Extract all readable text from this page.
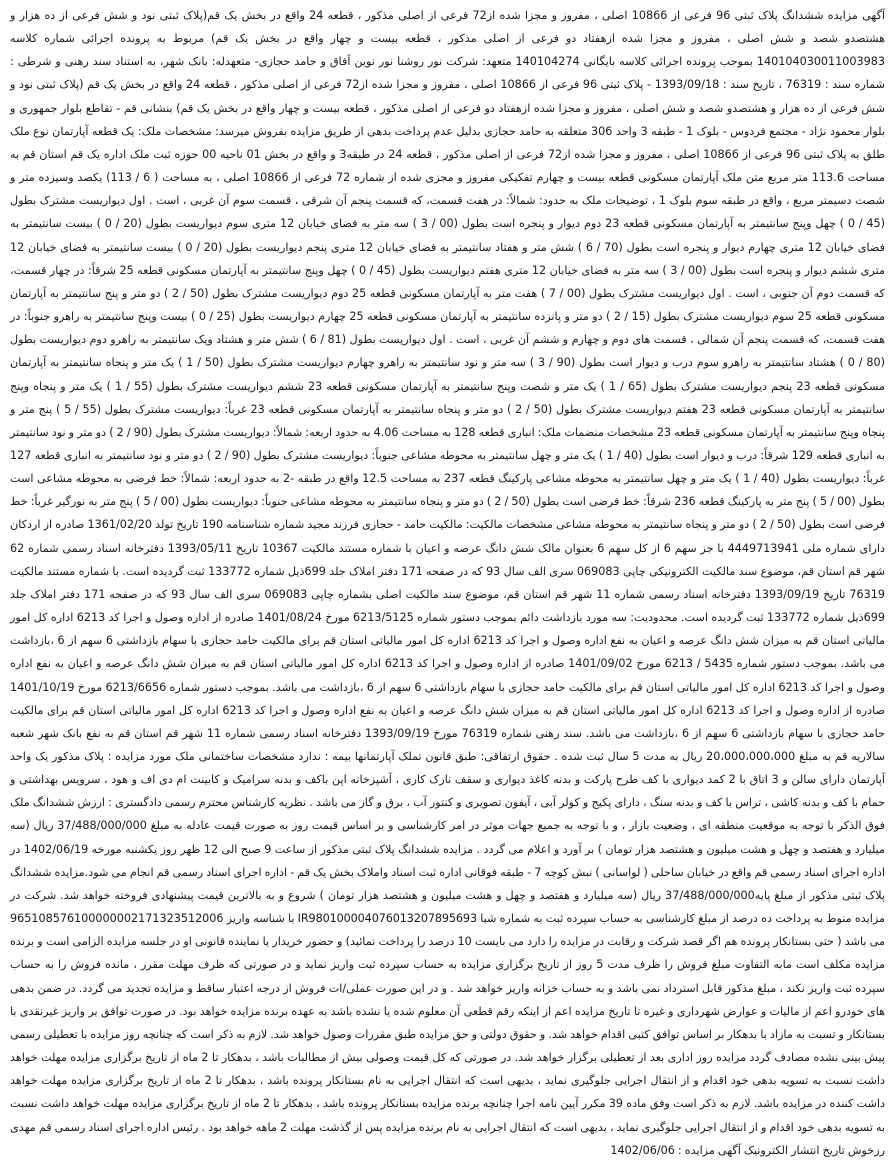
آگهی مزایده ششدانگ پلاک ثبتی 96 فرعی از 10866 اصلی ، مفروز و مجزا شده از72 فرعی از اصلی مذکور ، قطعه 24 واقع در بخش یک قم(پلاک ثبتی نود و شش فرعی از ده هزار و هشتصدو شصد و شش اصلی ، مفروز و مجزا شده ازهفتاد دو فرعی از اصلی مذکور ، قطعه بیست و چهار واقع در بخش یک قم) مربوط به پرونده اجرائی شماره کلاسه 140104030011003983 بموجب پرونده اجرائی کلاسه بایگانی 140104274 متعهد: شرکت نور روشنا نور نوین آفاق و حامد حجازی- متعهدله: بانک شهر، به استناد سند رهنی و شرطی : شماره سند : 76319 ، تاریخ سند : 1393/09/18 - پلاک ثبتی 96 فرعی از 10866 اصلی ، مفروز و مجزا شده از72 فرعی از اصلی مذکور ، قطعه 24 واقع در بخش یک قم (پلاک ثبتی نود و شش فرعی از ده هزار و هشتصدو شصد و شش اصلی ، مفروز و مجزا شده ازهفتاد دو فرعی از اصلی مذکور ، قطعه بیست و چهار واقع در بخش یک قم) بنشانی قم - تقاطع بلوار جمهوری و بلوار محمود نژاد - مجتمع فردوس - بلوک 1 - طبقه 3 واحد 306 متعلقه به حامد حجازی بدلیل عدم پرداخت بدهی از طریق مزایده بفروش میرسد: مشخصات ملک: یک قطعه آپارتمان نوع ملک طلق به پلاک ثبتی 96 فرعی از 10866 اصلی ، مفروز و مجزا شده از72 فرعی از اصلی مذکور ، قطعه 24 در طبقه3 و واقع در بخش 01 ناحیه 00 حوزه ثبت ملک اداره یک قم استان قم به مساحت 113.6 متر مربع متن ملک آپارتمان مسکونی قطعه بیست و چهارم تفکیکی مفروز و مجزی شده از شماره 72 فرعی از 10866 اصلی ، به مساحت ( 6 / 113) یکصد وسیزده متر و شصت دسیمتر مربع ، واقع در طبقه سوم بلوک 1 ، توضیحات ملک به حدود: شمالاً: در هفت قسمت، که قسمت پنجم آن شرقی ، قسمت سوم آن غربی ، است . اول دیواریست مشترک بطول (45 / 0 ) چهل وپنج سانتیمتر به آپارتمان مسکونی قطعه 23 دوم دیوار و پنجره است بطول (00 / 3 ) سه متر به فضای خیابان 12 متری سوم دیواریست بطول (20 / 0 ) بیست سانتیمتر به فضای خیابان 12 متری چهارم دیوار و پنجره است بطول (70 / 6 ) شش متر و هفتاد سانتیمتر به فضای خیابان 12 متری پنجم دیواریست بطول (20 / 0 ) بیست سانتیمتر به فضای خیابان 12 متری ششم دیوار و پنجره است بطول (00 / 3 ) سه متر به فضای خیابان 12 متری هفتم دیواریست بطول (45 / 0 ) چهل وپنج سانتیمتر به آپارتمان مسکونی قطعه 25 شرقاً: در چهار قسمت، که قسمت دوم آن جنوبی ، است . اول دیواریست مشترک بطول (00 / 7 ) هفت متر به آپارتمان مسکونی قطعه 25 دوم دیواریست مشترک بطول (50 / 2 ) دو متر و پنج سانتیمتر به آپارتمان مسکونی قطعه 25 سوم دیواریست مشترک بطول (15 / 2 ) دو متر و پانزده سانتیمتر به آپارتمان مسکونی قطعه 25 چهارم دیواریست بطول (25 / 0 ) بیست وپنج سانتیمتر به راهرو جنوباً: در هفت قسمت، که قسمت پنجم آن شمالی ، قسمت های دوم و چهارم و ششم آن غربی ، است . اول دیواریست بطول (81 / 6 ) شش متر و هشتاد ویک سانتیمتر به راهرو دوم دیواریست بطول (80 / 0 ) هشتاد سانتیمتر به راهرو سوم درب و دیوار است بطول (90 / 3 ) سه متر و نود سانتیمتر به راهرو چهارم دیواریست مشترک بطول (50 / 1 ) یک متر و پنجاه سانتیمتر به آپارتمان مسکونی قطعه 23 پنجم دیواریست مشترک بطول (65 / 1 ) یک متر و شصت وپنج سانتیمتر به آپارتمان مسکونی قطعه 23 ششم دیواریست مشترک بطول (55 / 1 ) یک متر و پنجاه وپنج سانتیمتر به آپارتمان مسکونی قطعه 23 هفتم دیواریست مشترک بطول (50 / 2 ) دو متر و پنجاه سانتیمتر به آپارتمان مسکونی قطعه 23 غرباً: دیواریست مشترک بطول (55 / 5 ) پنج متر و پنجاه وپنج سانتیمتر به آپارتمان مسکونی قطعه 23 مشخصات منضمات ملک: انباری قطعه 128 به مساحت 4.06 به حدود اربعه: شمالاً: دیواریست مشترک بطول (90 / 2 ) دو متر و نود سانتیمتر به انباری قطعه 129 شرقاً: درب و دیوار است بطول (40 / 1 ) یک متر و چهل سانتیمتر به محوطه مشاعی جنوباً: دیواریست مشترک بطول (90 / 2 ) دو متر و نود سانتیمتر به انباری قطعه 127 غرباً: دیواریست بطول (40 / 1 ) یک متر و چهل سانتیمتر به محوطه مشاعی پارکینگ قطعه 237 به مساحت 12.5 واقع در طبقه -2 به حدود اربعه: شمالاً: خط فرضی به محوطه مشاعی است بطول (00 / 5 ) پنج متر به پارکینگ قطعه 236 شرقاً: خط فرضی است بطول (50 / 2 ) دو متر و پنجاه سانتیمتر به محوطه مشاعی جنوباً: دیواریست بطول (00 / 5 ) پنج متر به نورگیر غرباً: خط فرضی است بطول (50 / 2 ) دو متر و پنجاه سانتیمتر به محوطه مشاعی مشخصات مالکیت: مالکیت حامد - حجازی فرزند مجید شماره شناسنامه 190 تاریخ تولد 1361/02/20 صادره از اردکان دارای شماره ملی 4449713941 با جز سهم 6 از کل سهم 6 بعنوان مالک شش دانگ عرصه و اعیان با شماره مستند مالکیت 10367 تاریخ 1393/05/11 دفترخانه اسناد رسمی شماره 62 شهر قم استان قم، موضوع سند مالکیت الکترونیکی چاپی 069083 سری الف سال 93 که در صفحه 171 دفتر املاک جلد 699ذیل شماره 133772 ثبت گردیده است. با شماره مستند مالکیت 76319 تاریخ 1393/09/19 دفترخانه اسناد رسمی شماره 11 شهر قم استان قم، موضوع سند مالکیت اصلی بشماره چاپی 069083 سری الف سال 93 که در صفحه 171 دفتر املاک جلد 699ذیل شماره 133772 ثبت گردیده است. محدودیت: سه مورد بازداشت دائم بموجب دستور شماره 6213/5125 مورخ 1401/08/24 صادره از اداره وصول و اجرا کد 6213 اداره کل امور مالیاتی استان قم به میزان شش دانگ عرصه و اعیان به نفع اداره وصول و اجرا کد 6213 اداره کل امور مالیاتی استان قم برای مالکیت حامد حجازی با سهام بازداشتی 6 سهم از 6 ،بازداشت می باشد. بموجب دستور شماره 5435 / 6213 مورخ 1401/09/02 صادره از اداره وصول و اجرا کد 6213 اداره کل امور مالیاتی استان قم به میزان شش دانگ عرصه و اعیان به نفع اداره وصول و اجرا کد 6213 اداره کل امور مالیاتی استان قم برای مالکیت حامد حجازی با سهام بازداشتی 6 سهم از 6 ،بازداشت می باشد. بموجب دستور شماره 6213/6656 مورخ 1401/10/19 صادره از اداره وصول و اجرا کد 6213 اداره کل امور مالیاتی استان قم به میزان شش دانگ عرصه و اعیان به نفع اداره وصول و اجرا کد 6213 اداره کل امور مالیاتی استان قم برای مالکیت حامد حجازی با سهام بازداشتی 6 سهم از 6 ،بازداشت می باشد. سند رهنی شماره 76319 مورخ 1393/09/19 دفترخانه اسناد رسمی شماره 11 شهر قم استان قم به نفع بانک شهر شعبه سالاریه قم به مبلغ 20،000،000،000 ریال به مدت 5 سال ثبت شده . حقوق ارتفاقی: طبق قانون تملک آپارتمانها بیمه : ندارد مشخصات ساختمانی ملک مورد مزایده : پلاک مذکور یک واحد آپارتمان دارای سالن و 3 اتاق با 2 کمد دیواری با کف طرح پارکت و بدنه کاغذ دیواری و سقف نازک کاری ، آشپزخانه اپن باکف و بدنه سرامیک و کابینت ام دی اف و هود ، سرویس بهداشتی و حمام با کف و بدنه کاشی ، تراس با کف و بدنه سنگ ، دارای پکیج و کولر آبی ، آیفون تصویری و کنتور آب ، برق و گاز می باشد . نظریه کارشناس محترم رسمی دادگستری : ارزش ششدانگ ملک فوق الذکر با توجه به موقعیت منطقه ای ، وضعیت بازار ، و با توجه به جمیع جهات موثر در امر کارشناسی و بر اساس قیمت روز به صورت قیمت عادله به مبلغ 37/488/000/000 ریال (سه میلیارد و هفتصد و چهل و هشت میلیون و هشتصد هزار تومان ) بر آورد و اعلام می گردد . مزایده ششدانگ پلاک ثبتی مذکور از ساعت 9 صبح الی 12 ظهر روز یکشنبه مورخه 1402/06/19 در اداره اجرای اسناد رسمی قم واقع در خیابان ساحلی ( لواسانی ) نبش کوچه 7 - طبقه فوقانی اداره ثبت اسناد واملاک بخش یک قم - اداره اجرای اسناد رسمی قم انجام می شود.مزایده ششدانگ پلاک ثبتی مذکور از مبلغ پایه37/488/000/000 ریال (سه میلیارد و هفتصد و چهل و هشت میلیون و هشتصد هزار تومان ) شروع و به بالاترین قیمت پیشنهادی فروخته خواهد شد. شرکت در مزایده منوط به پرداخت ده درصد از مبلغ کارشناسی به حساب سپرده ثبت به شماره شبا IR980100004076013207895693 با شناسه واریز 965108576100000002171323512006 می باشد ( حتی بستانکار پرونده هم اگر قصد شرکت و رقابت در مزایده را دارد می بایست 10 درصد را پرداخت نمائید) و حضور خریدار یا نماینده قانونی او در جلسه مزایده الزامی است و برنده مزایده مکلف است مابه التفاوت مبلغ فروش را ظرف مدت 5 روز از تاریخ برگزاری مزایده به حساب سپرده ثبت واریز نماید و در صورتی که ظرف مهلت مقرر ، مانده فروش را به حساب سپرده ثبت واریز نکند ، مبلغ مذکور قابل استرداد نمی باشد و به حساب خزانه واریز خواهد شد . و در این صورت عملی/ات فروش از درجه اعتبار ساقط و مزایده تجدید می گردد. در ضمن بدهی های خودرو اعم از مالیات و عوارض شهرداری و غیره تا تاریخ مزایده اعم از اینکه رقم قطعی آن معلوم شده یا نشده باشد به عهده برنده مزایده خواهد بود. در صورت توافق بر واریز غیرنقدی با بستانکار و تسبت به مازاد با بدهکار بر اساس توافق کتبی اقدام خواهد شد. و حقوق دولتی و حق مزایده طبق مقررات وصول خواهد شد. لازم به ذکر است که چنانچه روز مزایده با تعطیلی رسمی پیش بینی نشده مصادف گردد مزایده روز اداری بعد از تعطیلی برگزار خواهد شد. در صورتی که کل قیمت وصولی بیش از مطالبات باشد ، بدهکار تا 2 ماه از تاریخ برگزاری مزایده مهلت خواهد داشت نسبت به تسویه بدهی خود اقدام و از انتقال اجرایی جلوگیری نماید ، بدیهی است که انتقال اجرایی به نام بستانکار پرونده باشد ، بدهکار تا 2 ماه از تاریخ برگزاری مزایده مهلت خواهد داشت کننده در مزایده باشد. لازم به ذکر است وفق ماده 39 مکرر آیین نامه اجرا چنانچه برنده مزایده بستانکار پرونده باشد ، بدهکار تا 2 ماه از تاریخ برگزاری مزایده مهلت خواهد داشت نسبت به تسویه بدهی خود اقدام و از انتقال اجرایی جلوگیری نماید ، بدیهی است که انتقال اجرایی به نام برنده مزایده پس از گذشت مهلت 2 ماهه خواهد بود . رئیس اداره اجرای اسناد رسمی قم مهدی رزخوش تاریخ انتشار الکترونیک آگهی مزایده : 1402/06/06
